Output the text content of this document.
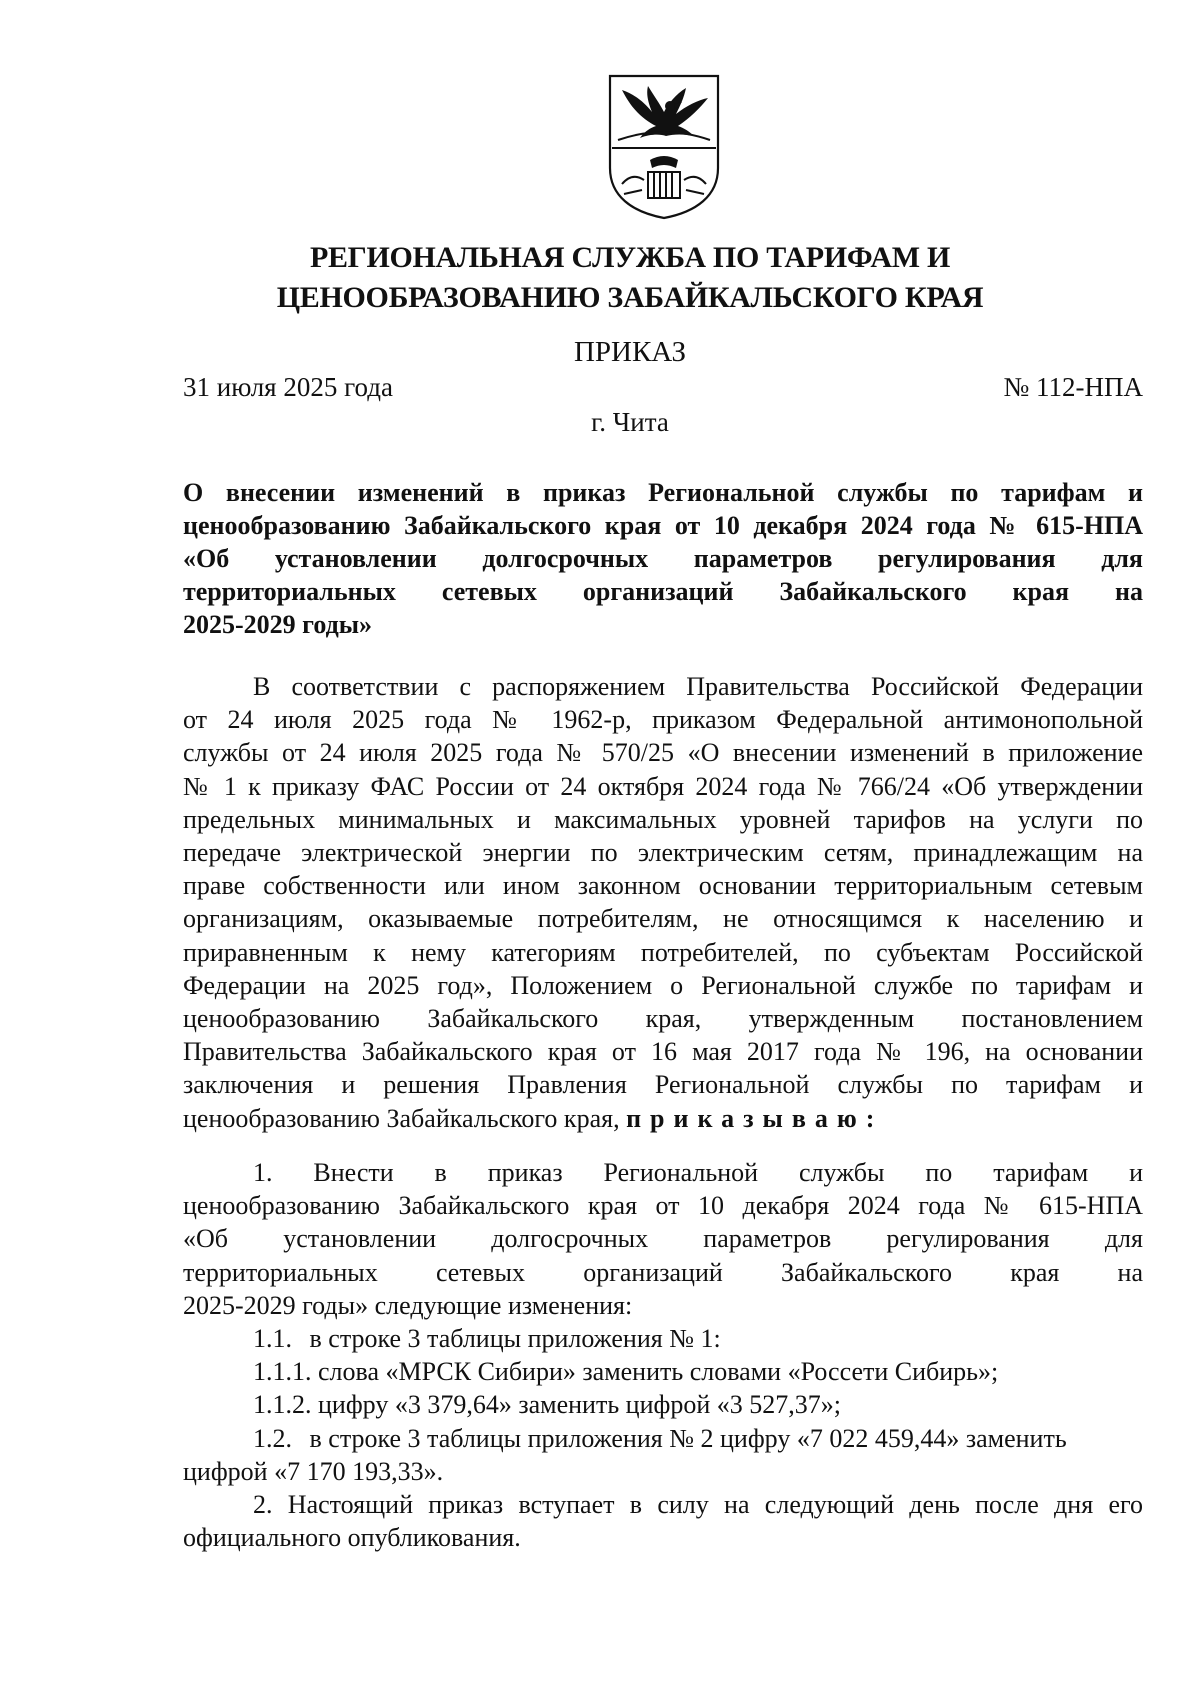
РЕГИОНАЛЬНАЯ СЛУЖБА ПО ТАРИФАМ И
ЦЕНООБРАЗОВАНИЮ ЗАБАЙКАЛЬСКОГО КРАЯ
ПРИКАЗ
31 июля 2025 года	№ 112-НПА
г. Чита
О внесении изменений в приказ Региональной службы по тарифам и
ценообразованию Забайкальского края от 10 декабря 2024 года № 615-НПА
«Об установлении долгосрочных параметров регулирования для
территориальных сетевых организаций Забайкальского края на
2025-2029 годы»
В соответствии с распоряжением Правительства Российской Федерации
от 24 июля 2025 года № 1962-р, приказом Федеральной антимонопольной
службы от 24 июля 2025 года № 570/25 «О внесении изменений в приложение
№ 1 к приказу ФАС России от 24 октября 2024 года № 766/24 «Об утверждении
предельных минимальных и максимальных уровней тарифов на услуги по
передаче электрической энергии по электрическим сетям, принадлежащим на
праве собственности или ином законном основании территориальным сетевым
организациям, оказываемые потребителям, не относящимся к населению и
приравненным к нему категориям потребителей, по субъектам Российской
Федерации на 2025 год», Положением о Региональной службе по тарифам и
ценообразованию Забайкальского края, утвержденным постановлением
Правительства Забайкальского края от 16 мая 2017 года № 196, на основании
заключения и решения Правления Региональной службы по тарифам и
ценообразованию Забайкальского края, приказываю:
1. Внести в приказ Региональной службы по тарифам и
ценообразованию Забайкальского края от 10 декабря 2024 года № 615-НПА
«Об установлении долгосрочных параметров регулирования для
территориальных сетевых организаций Забайкальского края на
2025-2029 годы» следующие изменения:
1.1. в строке 3 таблицы приложения № 1:
1.1.1. слова «МРСК Сибири» заменить словами «Россети Сибирь»;
1.1.2. цифру «3 379,64» заменить цифрой «3 527,37»;
1.2. в строке 3 таблицы приложения № 2 цифру «7 022 459,44» заменить
цифрой «7 170 193,33».
2. Настоящий приказ вступает в силу на следующий день после дня его
официального опубликования.
